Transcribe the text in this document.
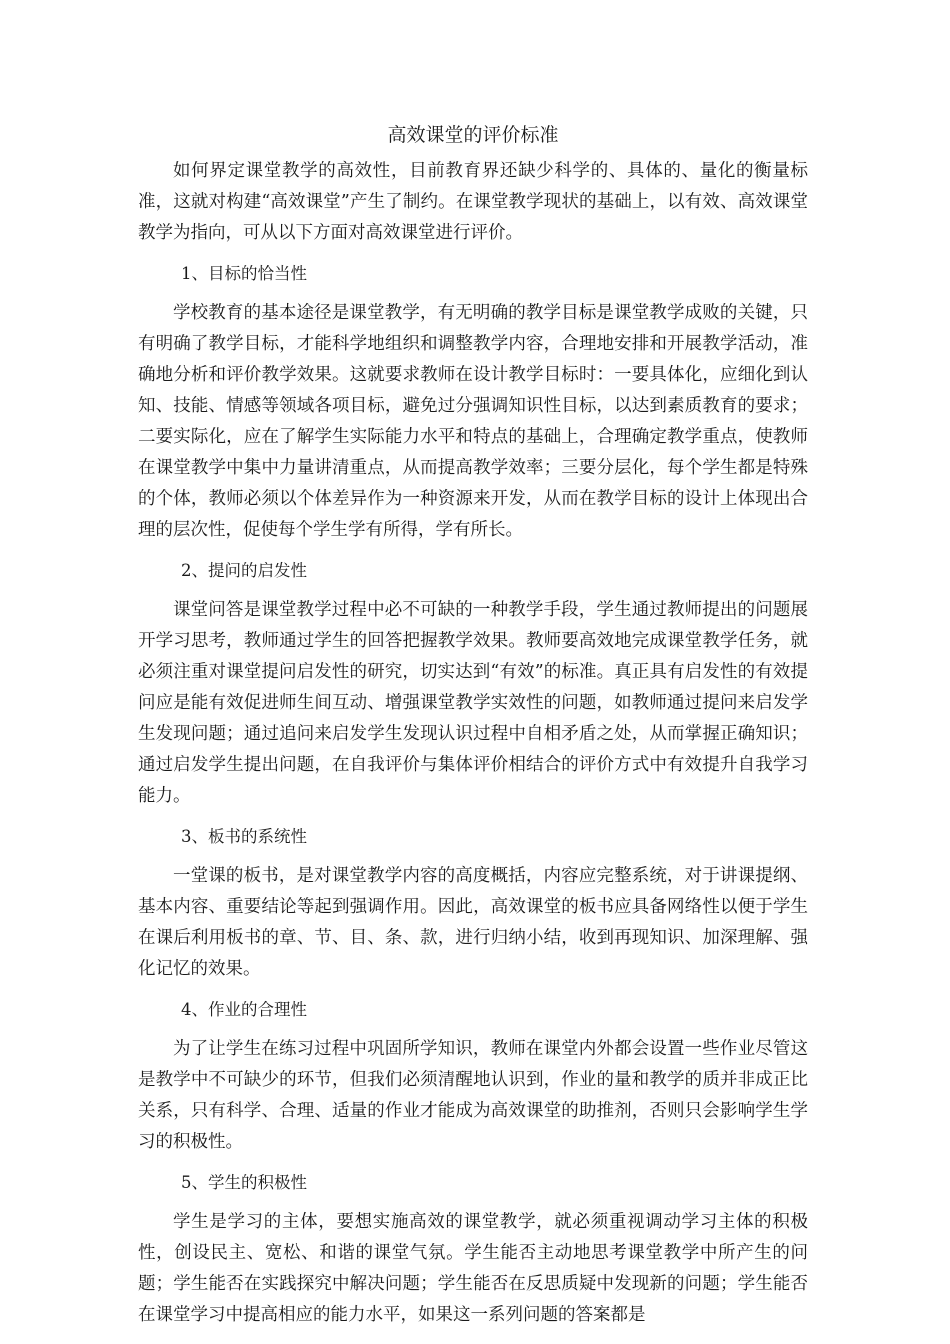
高效课堂的评价标准

如何界定课堂教学的高效性，目前教育界还缺少科学的、具体的、量化的衡量标准，这就对构建“高效课堂”产生了制约。在课堂教学现状的基础上，以有效、高效课堂教学为指向，可从以下方面对高效课堂进行评价。

1、目标的恰当性

学校教育的基本途径是课堂教学，有无明确的教学目标是课堂教学成败的关键，只有明确了教学目标，才能科学地组织和调整教学内容，合理地安排和开展教学活动，准确地分析和评价教学效果。这就要求教师在设计教学目标时：一要具体化，应细化到认知、技能、情感等领域各项目标，避免过分强调知识性目标，以达到素质教育的要求；二要实际化，应在了解学生实际能力水平和特点的基础上，合理确定教学重点，使教师在课堂教学中集中力量讲清重点，从而提高教学效率；三要分层化，每个学生都是特殊的个体，教师必须以个体差异作为一种资源来开发，从而在教学目标的设计上体现出合理的层次性，促使每个学生学有所得，学有所长。

2、提问的启发性

课堂问答是课堂教学过程中必不可缺的一种教学手段，学生通过教师提出的问题展开学习思考，教师通过学生的回答把握教学效果。教师要高效地完成课堂教学任务，就必须注重对课堂提问启发性的研究，切实达到“有效”的标准。真正具有启发性的有效提问应是能有效促进师生间互动、增强课堂教学实效性的问题，如教师通过提问来启发学生发现问题；通过追问来启发学生发现认识过程中自相矛盾之处，从而掌握正确知识；通过启发学生提出问题，在自我评价与集体评价相结合的评价方式中有效提升自我学习能力。

3、板书的系统性

一堂课的板书，是对课堂教学内容的高度概括，内容应完整系统，对于讲课提纲、基本内容、重要结论等起到强调作用。因此，高效课堂的板书应具备网络性以便于学生在课后利用板书的章、节、目、条、款，进行归纳小结，收到再现知识、加深理解、强化记忆的效果。

4、作业的合理性

为了让学生在练习过程中巩固所学知识，教师在课堂内外都会设置一些作业尽管这是教学中不可缺少的环节，但我们必须清醒地认识到，作业的量和教学的质并非成正比关系，只有科学、合理、适量的作业才能成为高效课堂的助推剂，否则只会影响学生学习的积极性。

5、学生的积极性

学生是学习的主体，要想实施高效的课堂教学，就必须重视调动学习主体的积极性，创设民主、宽松、和谐的课堂气氛。学生能否主动地思考课堂教学中所产生的问题；学生能否在实践探究中解决问题；学生能否在反思质疑中发现新的问题；学生能否在课堂学习中提高相应的能力水平，如果这一系列问题的答案都是
